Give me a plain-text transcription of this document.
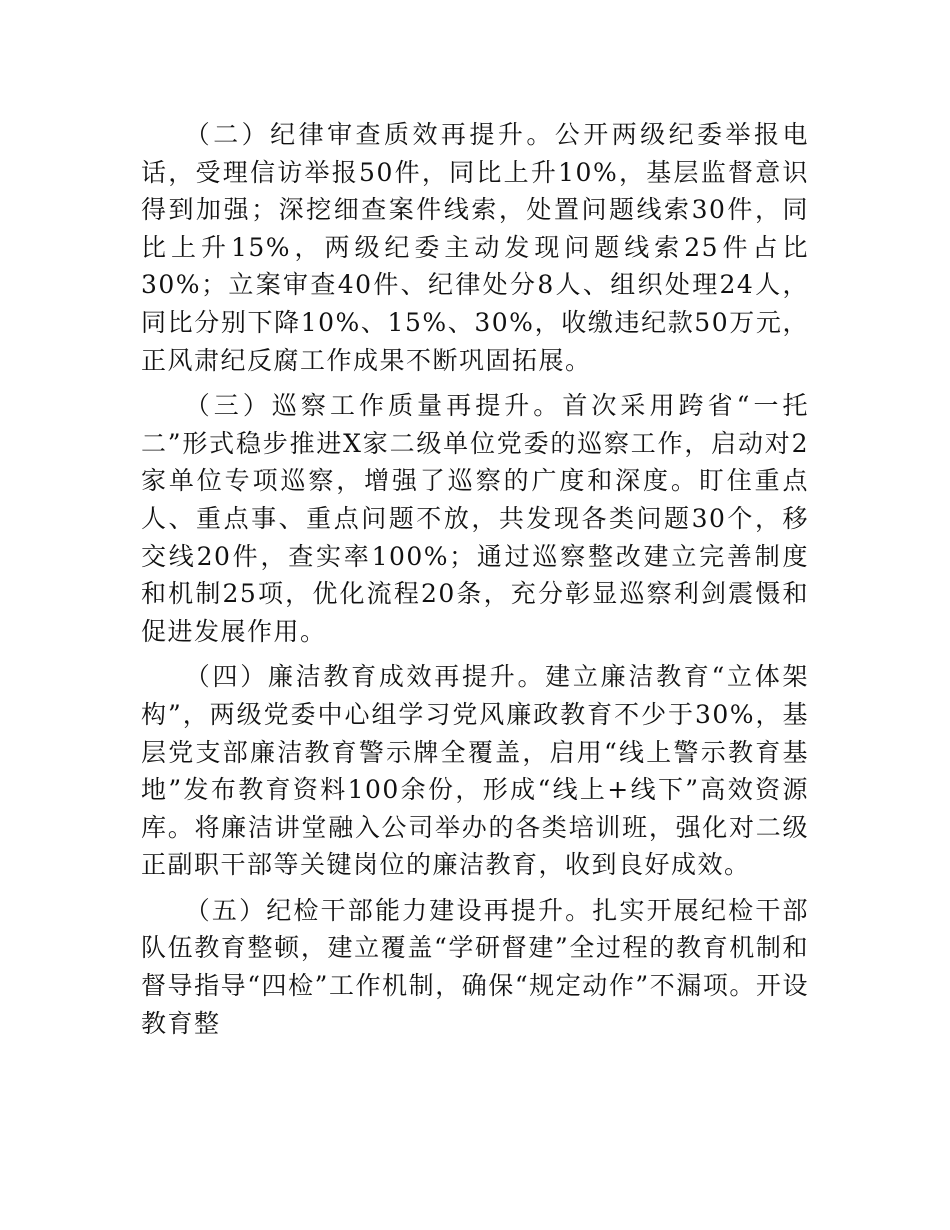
（二）纪律审查质效再提升。公开两级纪委举报电话，受理信访举报50件，同比上升10%，基层监督意识得到加强；深挖细查案件线索，处置问题线索30件，同比上升15%，两级纪委主动发现问题线索25件占比30%；立案审查40件、纪律处分8人、组织处理24人，同比分别下降10%、15%、30%，收缴违纪款50万元，正风肃纪反腐工作成果不断巩固拓展。

（三）巡察工作质量再提升。首次采用跨省“一托二”形式稳步推进X家二级单位党委的巡察工作，启动对2家单位专项巡察，增强了巡察的广度和深度。盯住重点人、重点事、重点问题不放，共发现各类问题30个，移交线20件，查实率100%；通过巡察整改建立完善制度和机制25项，优化流程20条，充分彰显巡察利剑震慑和促进发展作用。

（四）廉洁教育成效再提升。建立廉洁教育“立体架构”，两级党委中心组学习党风廉政教育不少于30%，基层党支部廉洁教育警示牌全覆盖，启用“线上警示教育基地”发布教育资料100余份，形成“线上+线下”高效资源库。将廉洁讲堂融入公司举办的各类培训班，强化对二级正副职干部等关键岗位的廉洁教育，收到良好成效。

（五）纪检干部能力建设再提升。扎实开展纪检干部队伍教育整顿，建立覆盖“学研督建”全过程的教育机制和督导指导“四检”工作机制，确保“规定动作”不漏项。开设教育整
